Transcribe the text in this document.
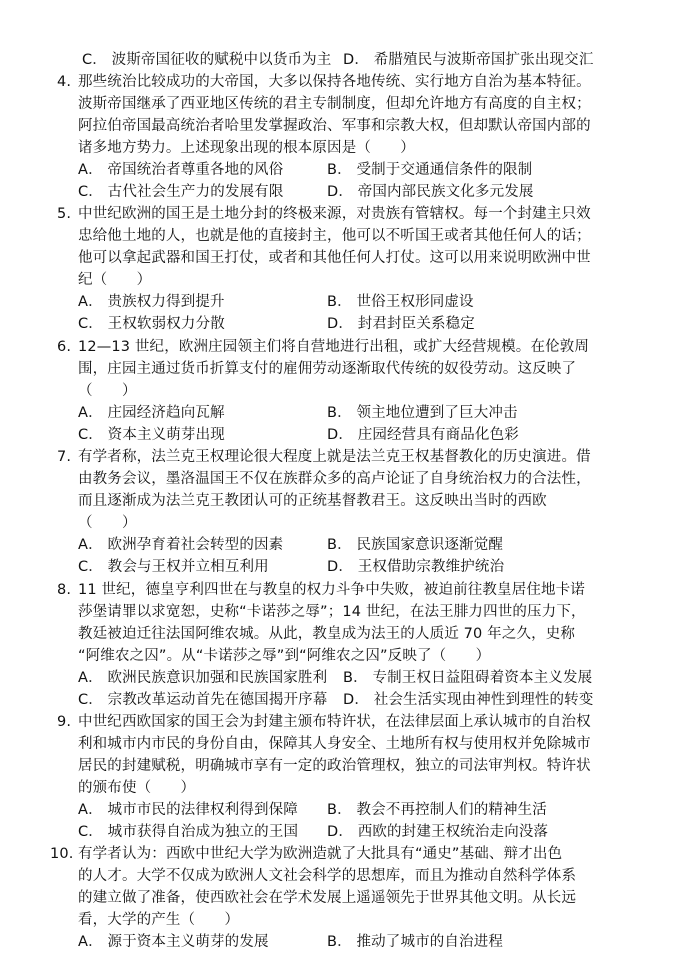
C． 波斯帝国征收的赋税中以货币为主 D． 希腊殖民与波斯帝国扩张出现交汇
4. 那些统治比较成功的大帝国，大多以保持各地传统、实行地方自治为基本特征。
波斯帝国继承了西亚地区传统的君主专制制度，但却允许地方有高度的自主权；
阿拉伯帝国最高统治者哈里发掌握政治、军事和宗教大权，但却默认帝国内部的
诸多地方势力。上述现象出现的根本原因是（　　）
A． 帝国统治者尊重各地的风俗	B． 受制于交通通信条件的限制
C． 古代社会生产力的发展有限	D． 帝国内部民族文化多元发展
5. 中世纪欧洲的国王是土地分封的终极来源，对贵族有管辖权。每一个封建主只效
忠给他土地的人，也就是他的直接封主，他可以不听国王或者其他任何人的话；
他可以拿起武器和国王打仗，或者和其他任何人打仗。这可以用来说明欧洲中世
纪（　　）
A． 贵族权力得到提升	B． 世俗王权形同虚设
C． 王权软弱权力分散	D． 封君封臣关系稳定
6. 12—13 世纪，欧洲庄园领主们将自营地进行出租，或扩大经营规模。在伦敦周
围，庄园主通过货币折算支付的雇佣劳动逐渐取代传统的奴役劳动。这反映了
（　　）
A． 庄园经济趋向瓦解	B． 领主地位遭到了巨大冲击
C． 资本主义萌芽出现	D． 庄园经营具有商品化色彩
7. 有学者称，法兰克王权理论很大程度上就是法兰克王权基督教化的历史演进。借
由教务会议，墨洛温国王不仅在族群众多的高卢论证了自身统治权力的合法性，
而且逐渐成为法兰克王教团认可的正统基督教君王。这反映出当时的西欧
（　　）
A． 欧洲孕育着社会转型的因素	B． 民族国家意识逐渐觉醒
C． 教会与王权并立相互利用	D． 王权借助宗教维护统治
8. 11 世纪，德皇亨利四世在与教皇的权力斗争中失败，被迫前往教皇居住地卡诺
莎堡请罪以求宽恕，史称“卡诺莎之辱”；14 世纪，在法王腓力四世的压力下，
教廷被迫迁往法国阿维农城。从此，教皇成为法王的人质近 70 年之久，史称
“阿维农之囚”。从“卡诺莎之辱”到“阿维农之囚”反映了（　　）
A． 欧洲民族意识加强和民族国家胜利 B． 专制王权日益阻碍着资本主义发展
C． 宗教改革运动首先在德国揭开序幕 D． 社会生活实现由神性到理性的转变
9. 中世纪西欧国家的国王会为封建主颁布特许状，在法律层面上承认城市的自治权
利和城市内市民的身份自由，保障其人身安全、土地所有权与使用权并免除城市
居民的封建赋税，明确城市享有一定的政治管理权，独立的司法审判权。特许状
的颁布使（　　）
A． 城市市民的法律权利得到保障 B． 教会不再控制人们的精神生活
C． 城市获得自治成为独立的王国 D． 西欧的封建王权统治走向没落
10. 有学者认为：西欧中世纪大学为欧洲造就了大批具有“通史”基础、辩才出色
的人才。大学不仅成为欧洲人文社会科学的思想库，而且为推动自然科学体系
的建立做了准备，使西欧社会在学术发展上遥遥领先于世界其他文明。从长远
看，大学的产生（　　）
A． 源于资本主义萌芽的发展	B． 推动了城市的自治进程
